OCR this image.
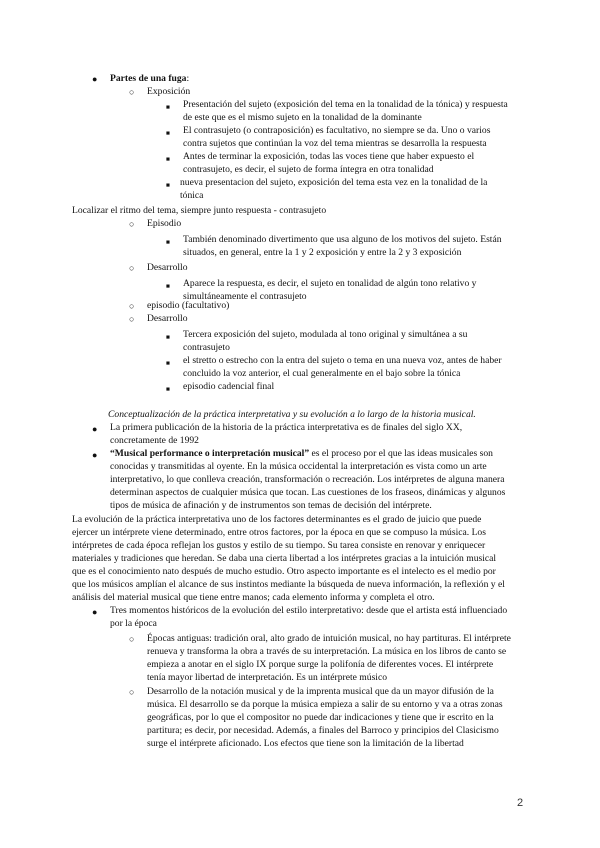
● Partes de una fuga:
○ Exposición
■ Presentación del sujeto (exposición del tema en la tonalidad de la tónica) y respuesta
de este que es el mismo sujeto en la tonalidad de la dominante
■ El contrasujeto (o contraposición) es facultativo, no siempre se da. Uno o varios
contra sujetos que continúan la voz del tema mientras se desarrolla la respuesta
■ Antes de terminar la exposición, todas las voces tiene que haber expuesto el
contrasujeto, es decir, el sujeto de forma íntegra en otra tonalidad
■ nueva presentacion del sujeto, exposición del tema esta vez en la tonalidad de la
tónica
Localizar el ritmo del tema, siempre junto respuesta - contrasujeto
○ Episodio
■ También denominado divertimento que usa alguno de los motivos del sujeto. Están
situados, en general, entre la 1 y 2 exposición y entre la 2 y 3 exposición
○ Desarrollo
■ Aparece la respuesta, es decir, el sujeto en tonalidad de algún tono relativo y
simultáneamente el contrasujeto
○ episodio (facultativo)
○ Desarrollo
■ Tercera exposición del sujeto, modulada al tono original y simultánea a su
contrasujeto
■ el stretto o estrecho con la entra del sujeto o tema en una nueva voz, antes de haber
concluido la voz anterior, el cual generalmente en el bajo sobre la tónica
■ episodio cadencial final
Conceptualización de la práctica interpretativa y su evolución a lo largo de la historia musical.
● La primera publicación de la historia de la práctica interpretativa es de finales del siglo XX,
concretamente de 1992
● “Musical performance o interpretación musical” es el proceso por el que las ideas musicales son
conocidas y transmitidas al oyente. En la música occidental la interpretación es vista como un arte
interpretativo, lo que conlleva creación, transformación o recreación. Los intérpretes de alguna manera
determinan aspectos de cualquier música que tocan. Las cuestiones de los fraseos, dinámicas y algunos
tipos de música de afinación y de instrumentos son temas de decisión del intérprete.
La evolución de la práctica interpretativa uno de los factores determinantes es el grado de juicio que puede
ejercer un intérprete viene determinado, entre otros factores, por la época en que se compuso la música. Los
intérpretes de cada época reflejan los gustos y estilo de su tiempo. Su tarea consiste en renovar y enriquecer
materiales y tradiciones que heredan. Se daba una cierta libertad a los intérpretes gracias a la intuición musical
que es el conocimiento nato después de mucho estudio. Otro aspecto importante es el intelecto es el medio por
que los músicos amplían el alcance de sus instintos mediante la búsqueda de nueva información, la reflexión y el
análisis del material musical que tiene entre manos; cada elemento informa y completa el otro.
● Tres momentos históricos de la evolución del estilo interpretativo: desde que el artista está influenciado
por la época
○ Épocas antiguas: tradición oral, alto grado de intuición musical, no hay partituras. El intérprete
renueva y transforma la obra a través de su interpretación. La música en los libros de canto se
empieza a anotar en el siglo IX porque surge la polifonía de diferentes voces. El intérprete
tenía mayor libertad de interpretación. Es un intérprete músico
○ Desarrollo de la notación musical y de la imprenta musical que da un mayor difusión de la
música. El desarrollo se da porque la música empieza a salir de su entorno y va a otras zonas
geográficas, por lo que el compositor no puede dar indicaciones y tiene que ir escrito en la
partitura; es decir, por necesidad. Además, a finales del Barroco y principios del Clasicismo
surge el intérprete aficionado. Los efectos que tiene son la limitación de la libertad
2
